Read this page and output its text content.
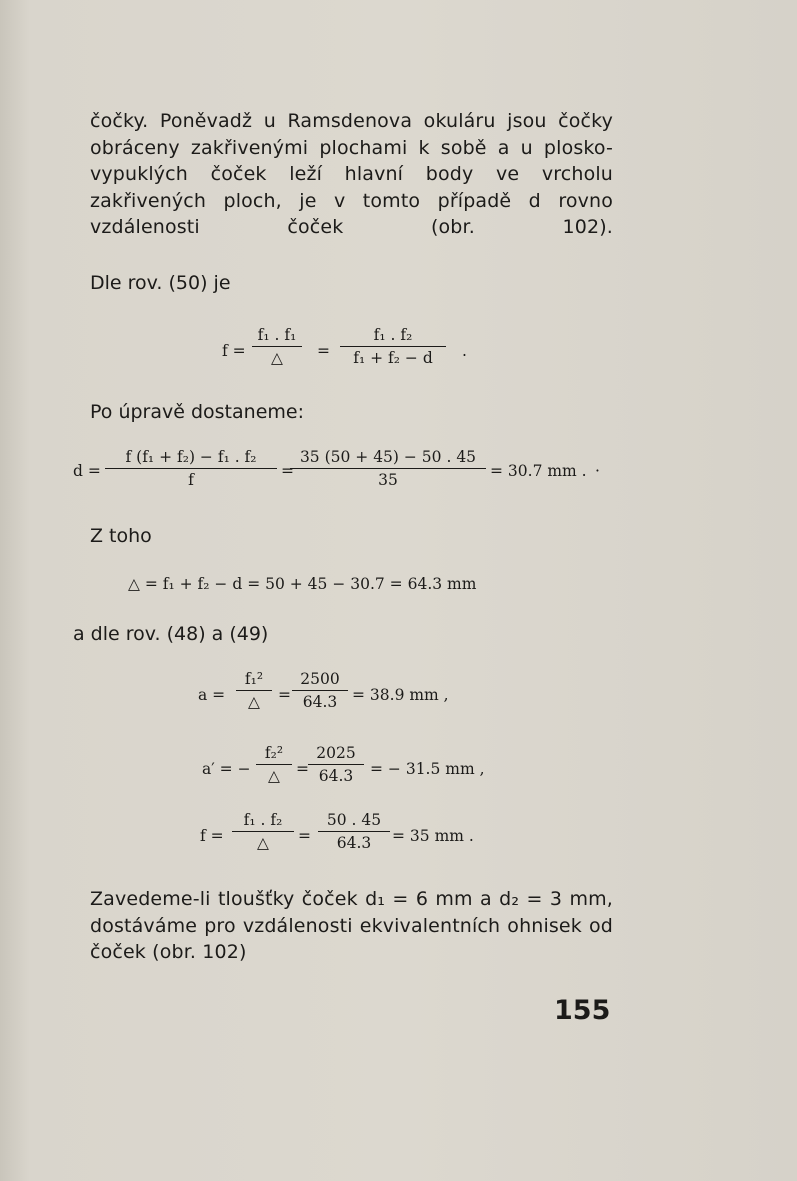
čočky. Poněvadž u Ramsdenova okuláru jsou čočky obráceny zakřivenými plochami k sobě a u plosko-vypuklých čoček leží hlavní body ve vrcholu zakřivených ploch, je v tomto případě d rovno vzdálenosti čoček (obr. 102).

Dle rov. (50) je
f =
f₁ . f₁
△	= $\frac{\text{f₁ . f₂}}{\text{f₁ + f₂ − d}}$ .
Po úpravě dostaneme:
$d = \frac{\text{f (f₁ + f₂) − f₁ . f₂}}{f}$ =
$\frac{35 (50 + 45) - 50 . 45}{35} = 30.7$ mm . ·
Z toho
△ = f₁ + f₂ − d = 50 + 45 − 30.7 = 64.3 mm
a dle rov. (48) a (49)
a =
f₁²
△	= $\frac{2500}{64.3} = 38.9$ mm ,
a′ = −
f₂²
△	= $\frac{2025}{64.3}$ = − 31.5 mm ,
f =
f₁ . f₂
△	= $\frac{50 . 45}{64.3} = 35$ mm .

Zavedeme-li tloušťky čoček d₁ = 6 mm a d₂ = 3 mm, dostáváme pro vzdálenosti ekvivalentních ohnisek od čoček (obr. 102)

155
